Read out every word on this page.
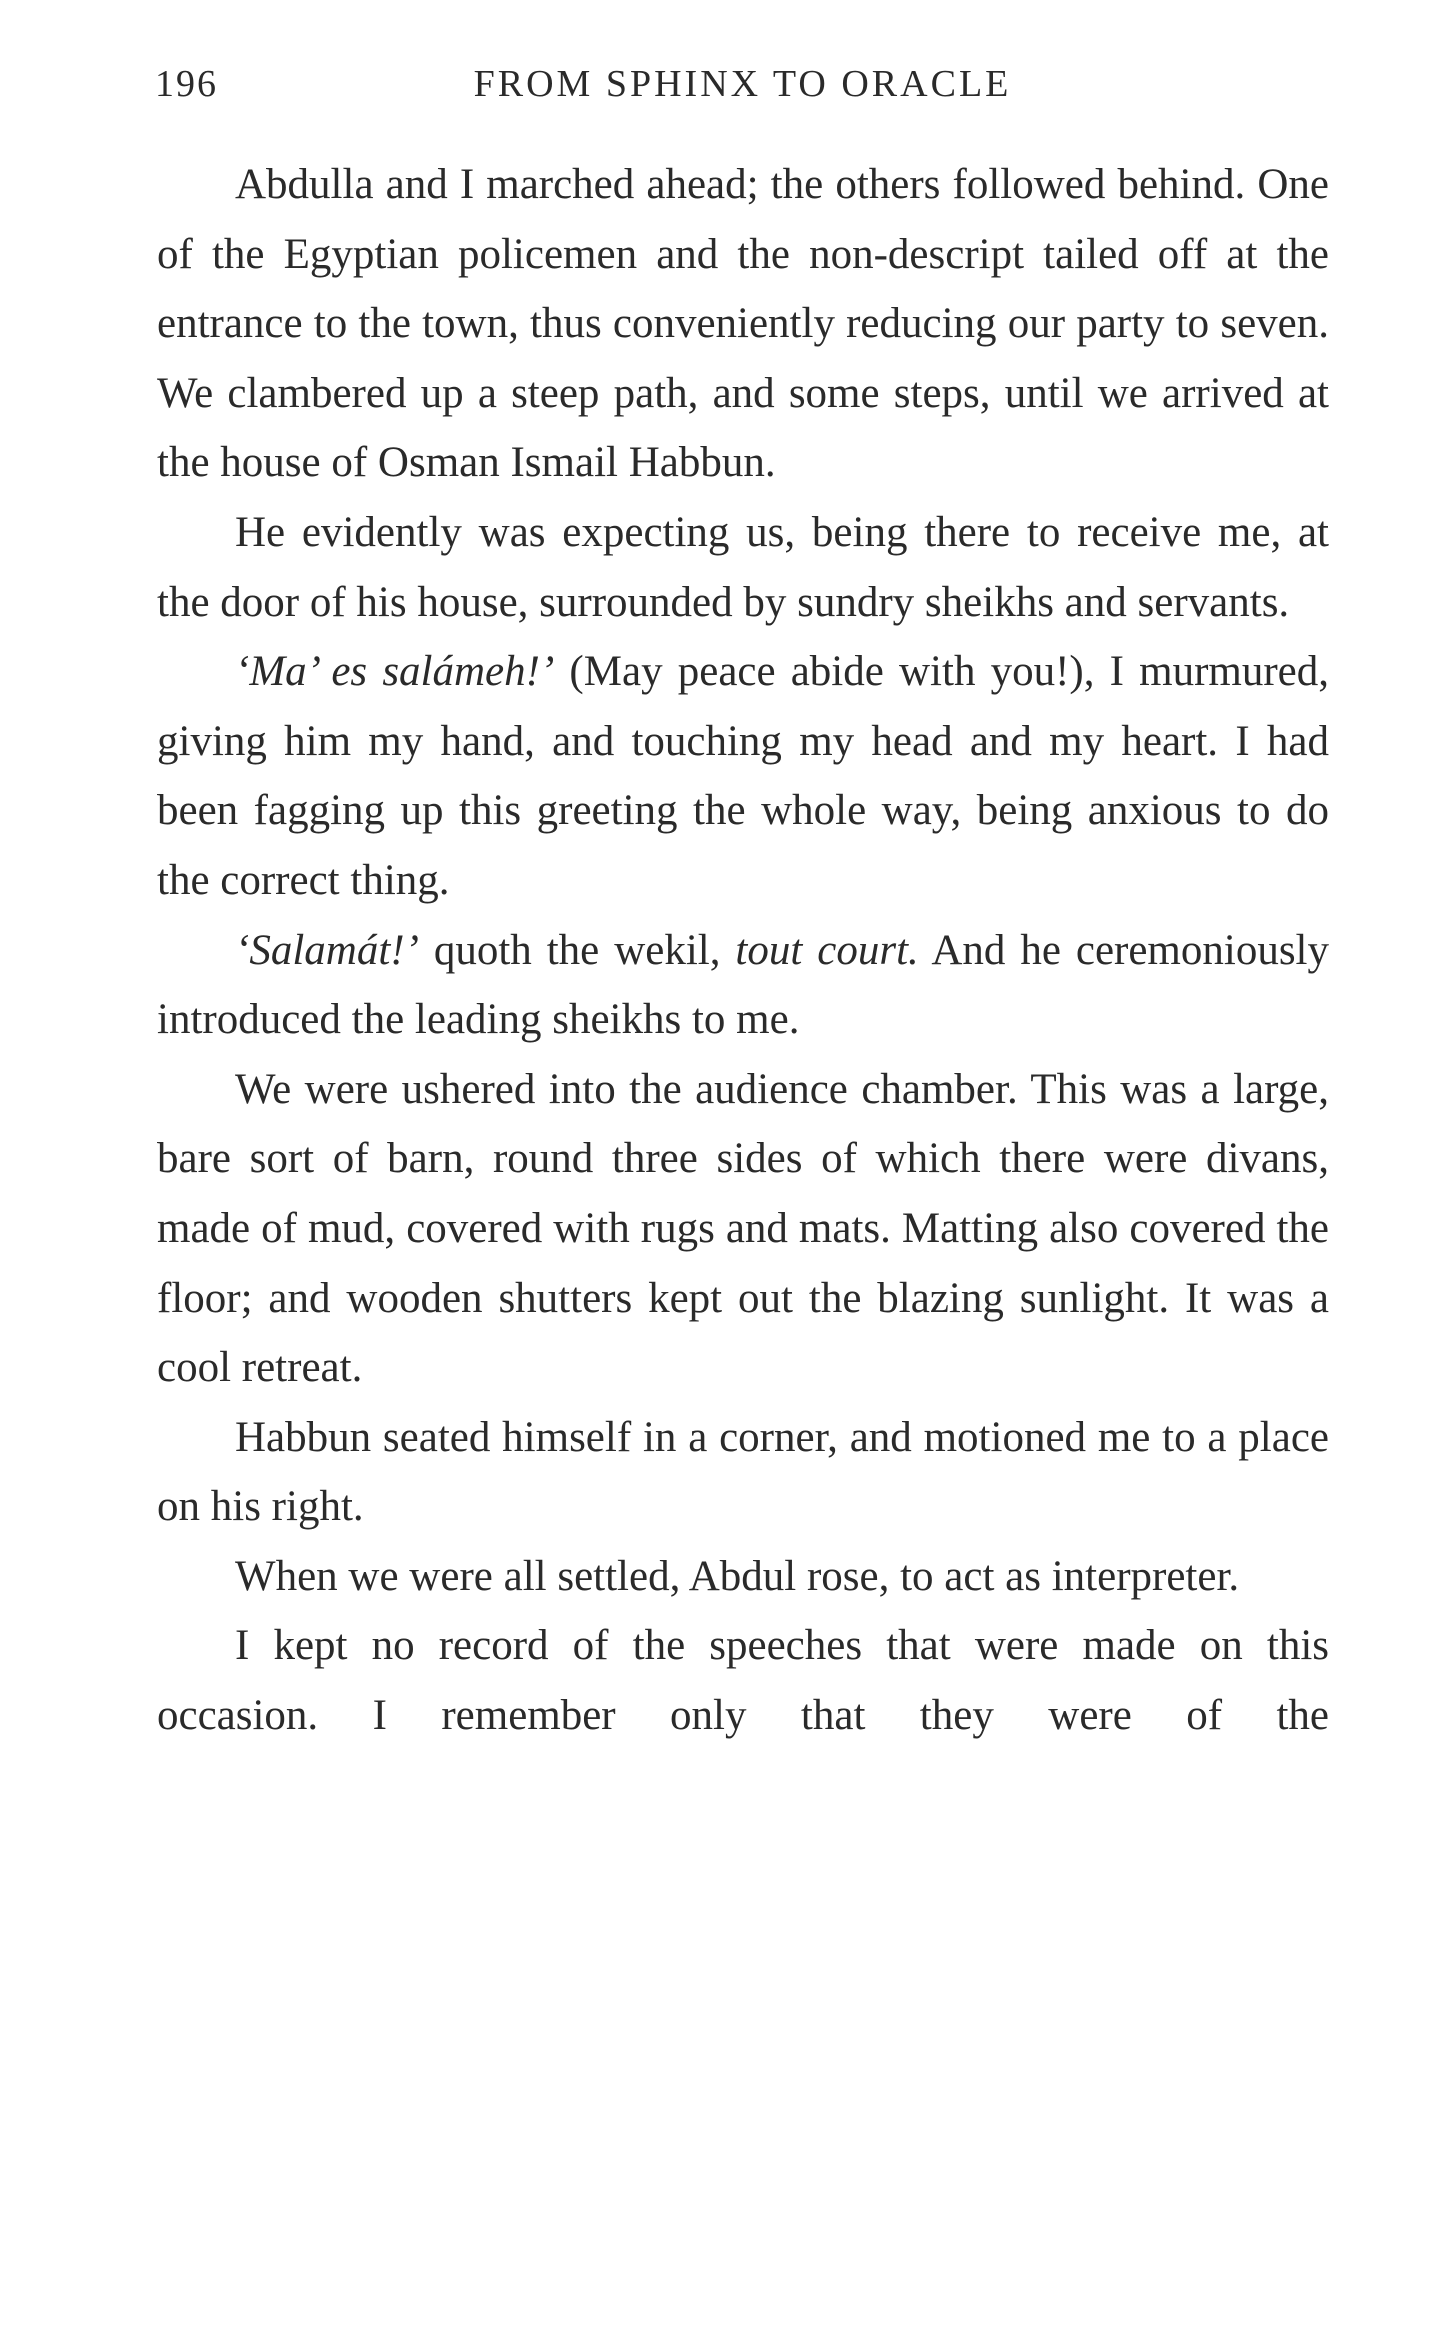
196	FROM SPHINX TO ORACLE

Abdulla and I marched ahead; the others followed behind. One of the Egyptian policemen and the non-descript tailed off at the entrance to the town, thus conveniently reducing our party to seven. We clambered up a steep path, and some steps, until we arrived at the house of Osman Ismail Habbun.

He evidently was expecting us, being there to receive me, at the door of his house, surrounded by sundry sheikhs and servants.

‘Ma’ es salámeh!’ (May peace abide with you!), I murmured, giving him my hand, and touching my head and my heart. I had been fagging up this greeting the whole way, being anxious to do the correct thing.

‘Salamát!’ quoth the wekil, tout court. And he ceremoniously introduced the leading sheikhs to me.

We were ushered into the audience chamber. This was a large, bare sort of barn, round three sides of which there were divans, made of mud, covered with rugs and mats. Matting also covered the floor; and wooden shutters kept out the blazing sunlight. It was a cool retreat.

Habbun seated himself in a corner, and motioned me to a place on his right.

When we were all settled, Abdul rose, to act as interpreter.

I kept no record of the speeches that were made on this occasion. I remember only that they were of the
